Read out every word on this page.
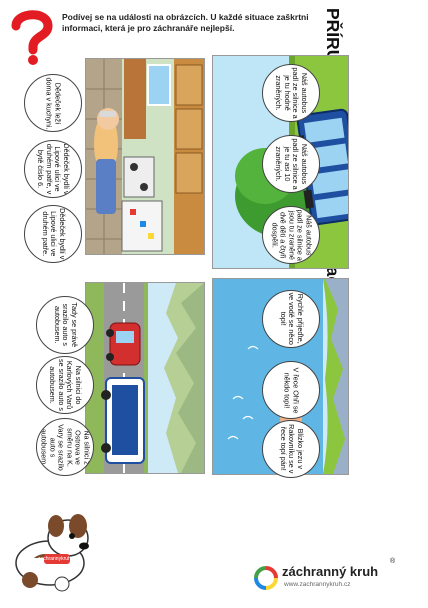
Podívej se na události na obrázcích. U každé situace zaškrtni informaci, která je pro záchranáře nejlepší.
Náš autobus padl ze silnice a je tu hodně zraněných.
Náš autobus padl ze silnice a je tu asi 10 zraněných.
Náš autobus padl ze silnice a jsou tu zraněné dvě děti a čtyři dospělí.
Dědeček leží doma v kuchyni.
Dědeček bydlí v Lipové ulici ve druhém patře, v bytě číslo 6.
Dědeček bydlí v Lipové ulici ve druhém patře.
Rychle přijeďte, ve vodě se něco topí!
V řece Ohři se někdo topí!
Blízko jezu v Rakovníku se v řece topí pán!
Tady se právě srazilo auto s autobusem.
Na silnici do Karlových Varů se srazilo auto s autobusem.
Na silnici z Ostrova ve směru na K. Vary se srazilo auto s autobusem.
zachrannykruh.cz
záchranný kruh
®
www.zachrannykruh.cz
